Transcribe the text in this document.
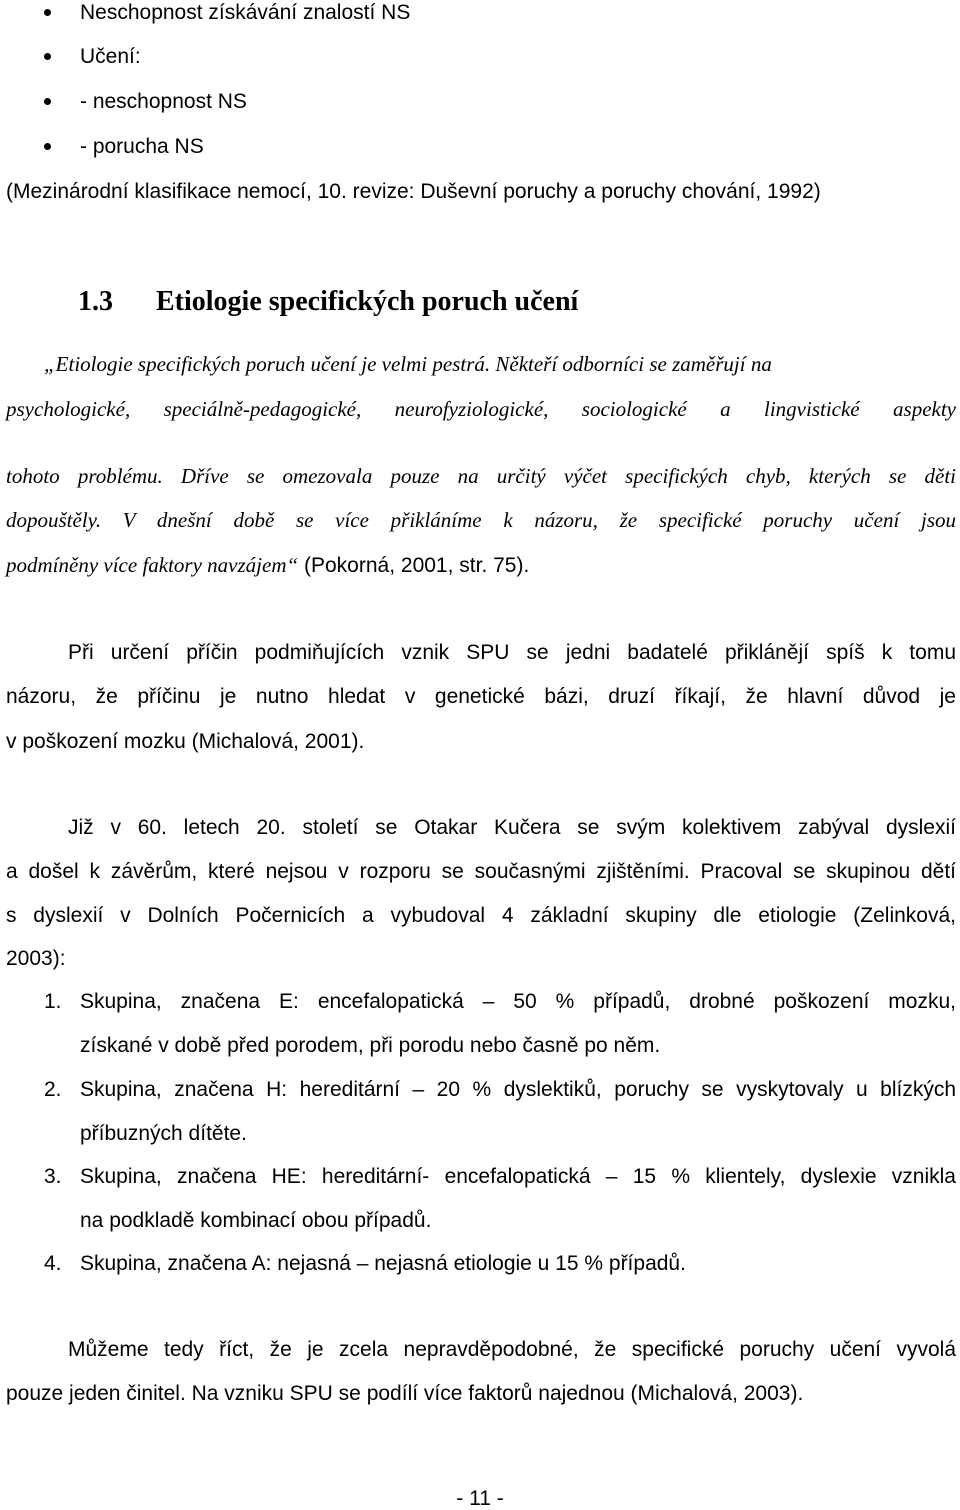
Neschopnost získávání znalostí NS
Učení:
- neschopnost NS
- porucha NS
(Mezinárodní klasifikace nemocí, 10. revize: Duševní poruchy a poruchy chování, 1992)
1.3 Etiologie specifických poruch učení
„Etiologie specifických poruch učení je velmi pestrá. Někteří odborníci se zaměřují na
psychologické, speciálně-pedagogické, neurofyziologické, sociologické a lingvistické aspekty
tohoto problému. Dříve se omezovala pouze na určitý výčet specifických chyb, kterých se děti
dopouštěly. V dnešní době se více přikláníme k názoru, že specifické poruchy učení jsou
podmíněny více faktory navzájem“ (Pokorná, 2001, str. 75).
Při určení příčin podmiňujících vznik SPU se jedni badatelé přiklánějí spíš k tomu
názoru, že příčinu je nutno hledat v genetické bázi, druzí říkají, že hlavní důvod je
v poškození mozku (Michalová, 2001).
Již v 60. letech 20. století se Otakar Kučera se svým kolektivem zabýval dyslexií
a došel k závěrům, které nejsou v rozporu se současnými zjištěními. Pracoval se skupinou dětí
s dyslexií v Dolních Počernicích a vybudoval 4 základní skupiny dle etiologie (Zelinková,
2003):
1. Skupina, značena E: encefalopatická – 50 % případů, drobné poškození mozku,
získané v době před porodem, při porodu nebo časně po něm.
2. Skupina, značena H: hereditární – 20 % dyslektiků, poruchy se vyskytovaly u blízkých
příbuzných dítěte.
3. Skupina, značena HE: hereditární- encefalopatická – 15 % klientely, dyslexie vznikla
na podkladě kombinací obou případů.
4. Skupina, značena A: nejasná – nejasná etiologie u 15 % případů.
Můžeme tedy říct, že je zcela nepravděpodobné, že specifické poruchy učení vyvolá
pouze jeden činitel. Na vzniku SPU se podílí více faktorů najednou (Michalová, 2003).
- 11 -
